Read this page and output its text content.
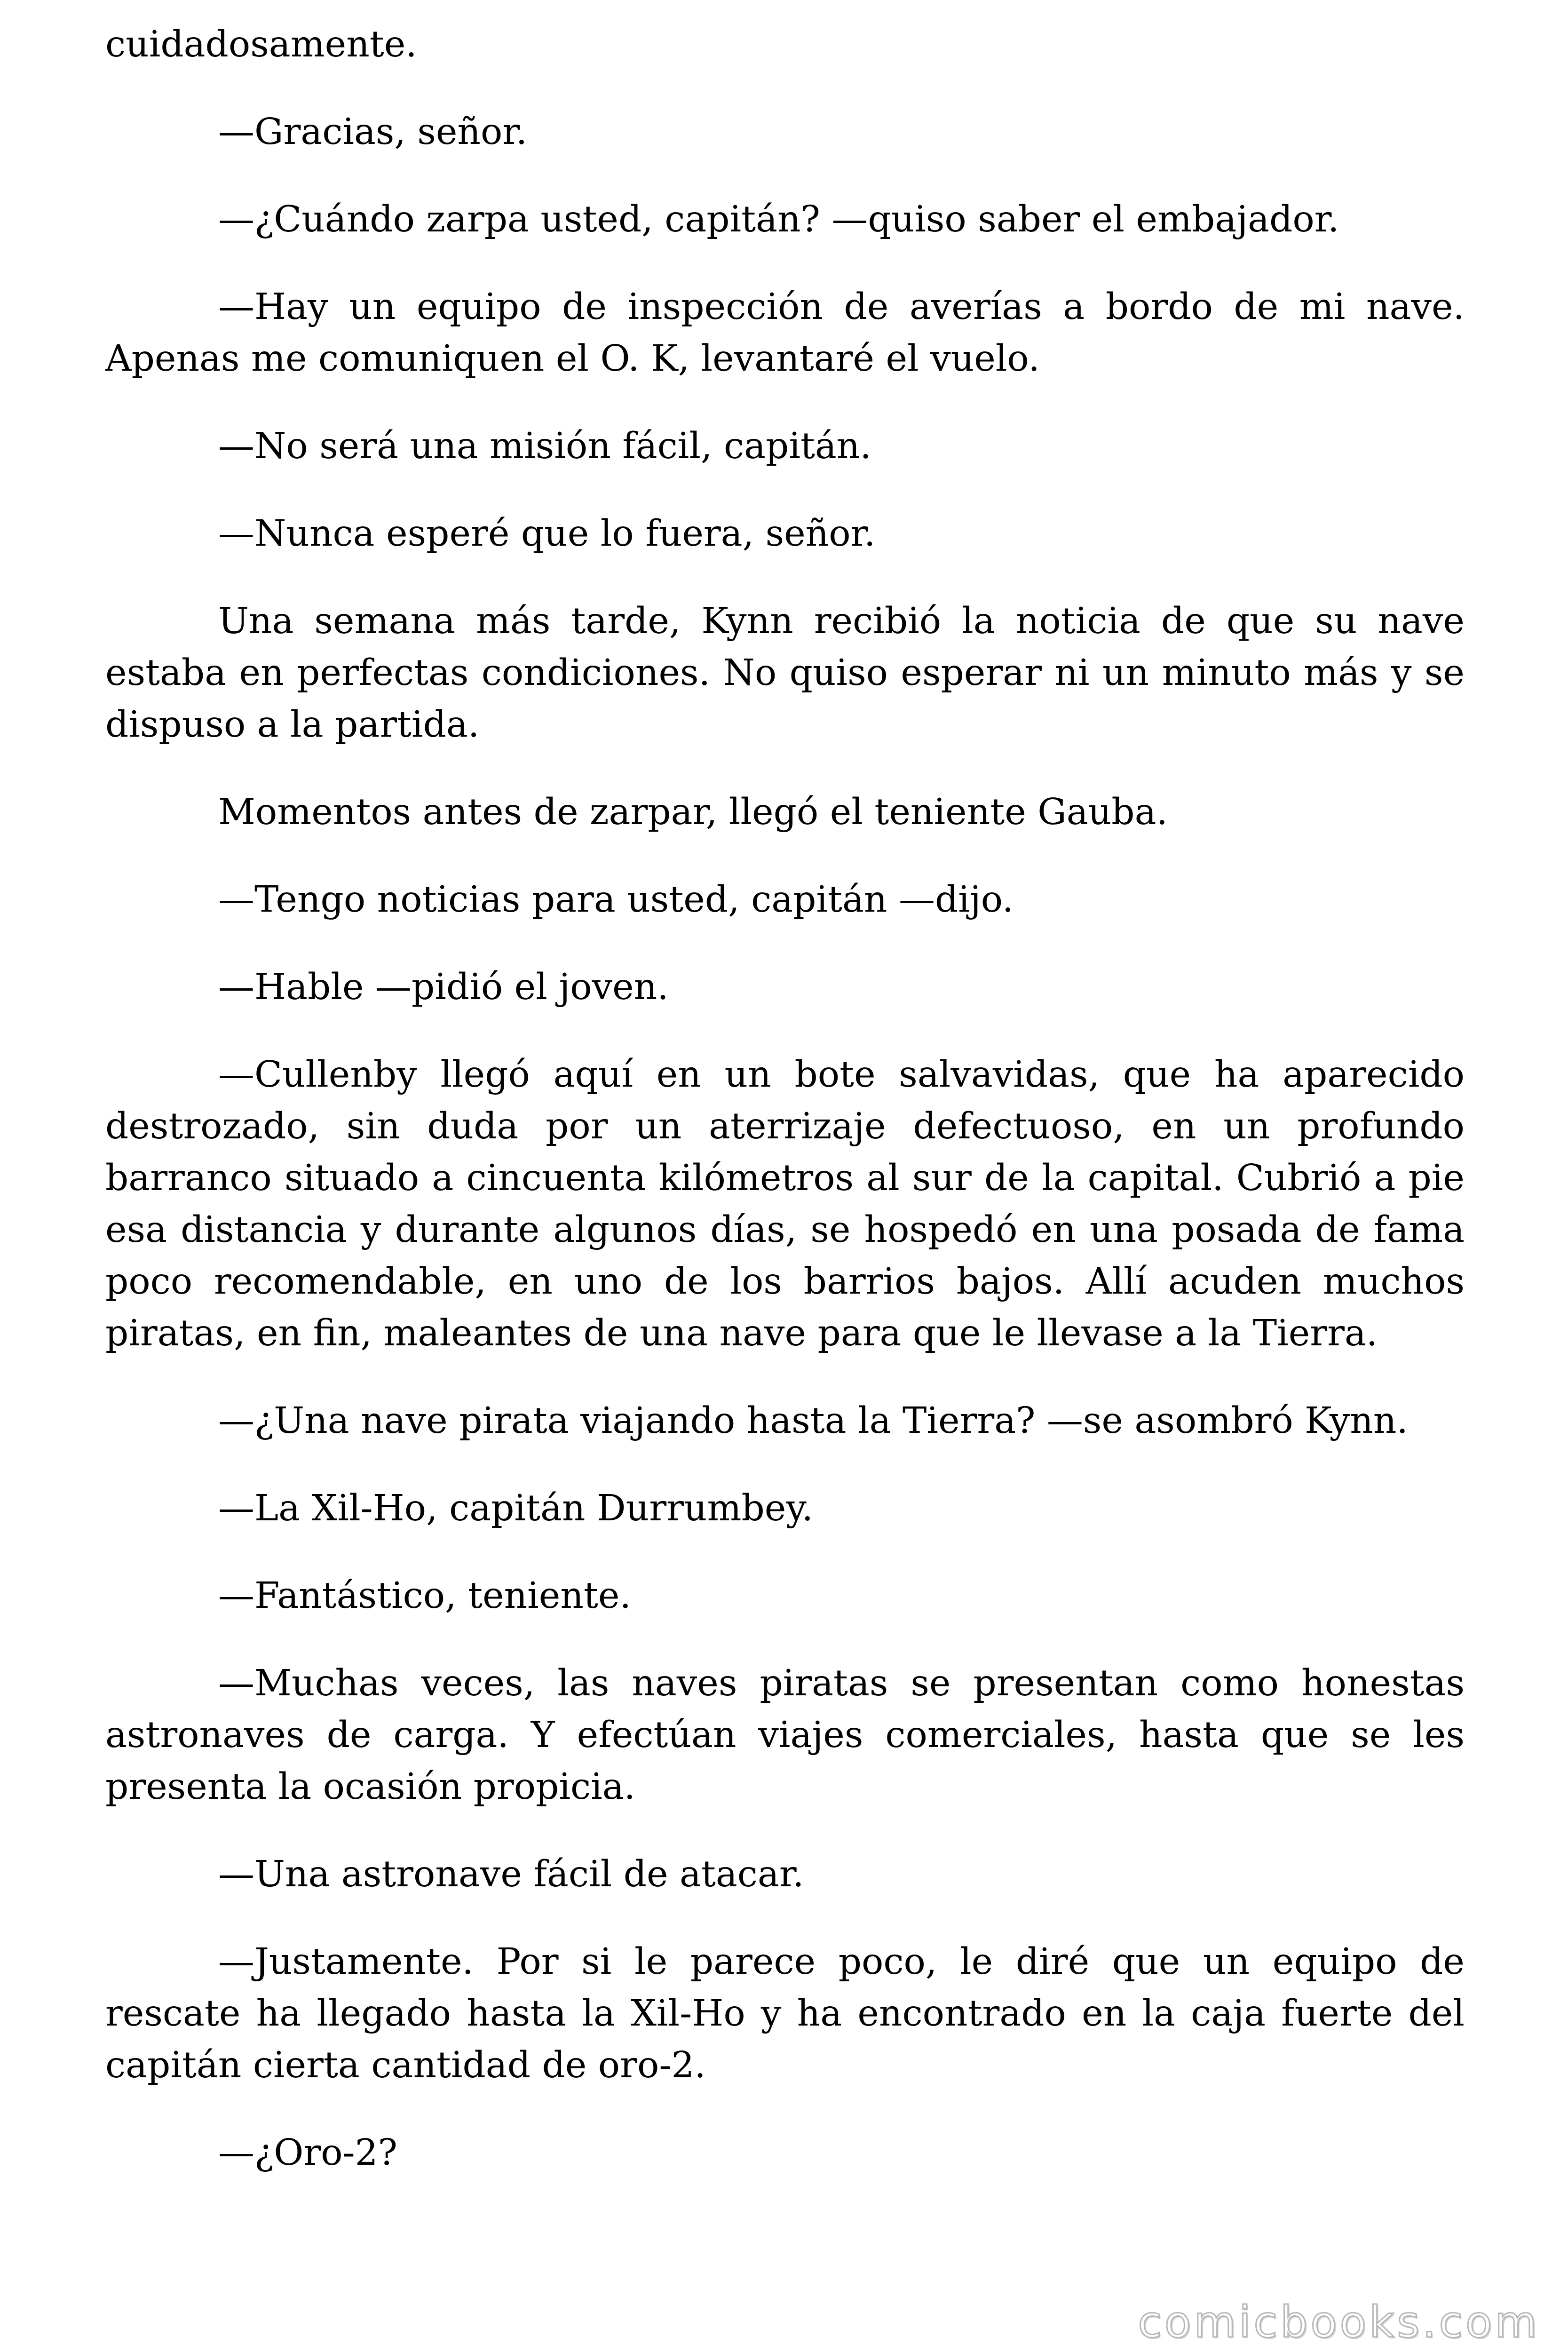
cuidadosamente.

—Gracias, señor.

—¿Cuándo zarpa usted, capitán? —quiso saber el embajador.

—Hay un equipo de inspección de averías a bordo de mi nave. Apenas me comuniquen el O. K, levantaré el vuelo.

—No será una misión fácil, capitán.

—Nunca esperé que lo fuera, señor.

Una semana más tarde, Kynn recibió la noticia de que su nave estaba en perfectas condiciones. No quiso esperar ni un minuto más y se dispuso a la partida.

Momentos antes de zarpar, llegó el teniente Gauba.

—Tengo noticias para usted, capitán —dijo.

—Hable —pidió el joven.

—Cullenby llegó aquí en un bote salvavidas, que ha aparecido destrozado, sin duda por un aterrizaje defectuoso, en un profundo barranco situado a cincuenta kilómetros al sur de la capital. Cubrió a pie esa distancia y durante algunos días, se hospedó en una posada de fama poco recomendable, en uno de los barrios bajos. Allí acuden muchos piratas, en fin, maleantes de una nave para que le llevase a la Tierra.

—¿Una nave pirata viajando hasta la Tierra? —se asombró Kynn.

—La Xil-Ho, capitán Durrumbey.

—Fantástico, teniente.

—Muchas veces, las naves piratas se presentan como honestas astronaves de carga. Y efectúan viajes comerciales, hasta que se les presenta la ocasión propicia.

—Una astronave fácil de atacar.

—Justamente. Por si le parece poco, le diré que un equipo de rescate ha llegado hasta la Xil-Ho y ha encontrado en la caja fuerte del capitán cierta cantidad de oro-2.

—¿Oro-2?

comicbooks.com
